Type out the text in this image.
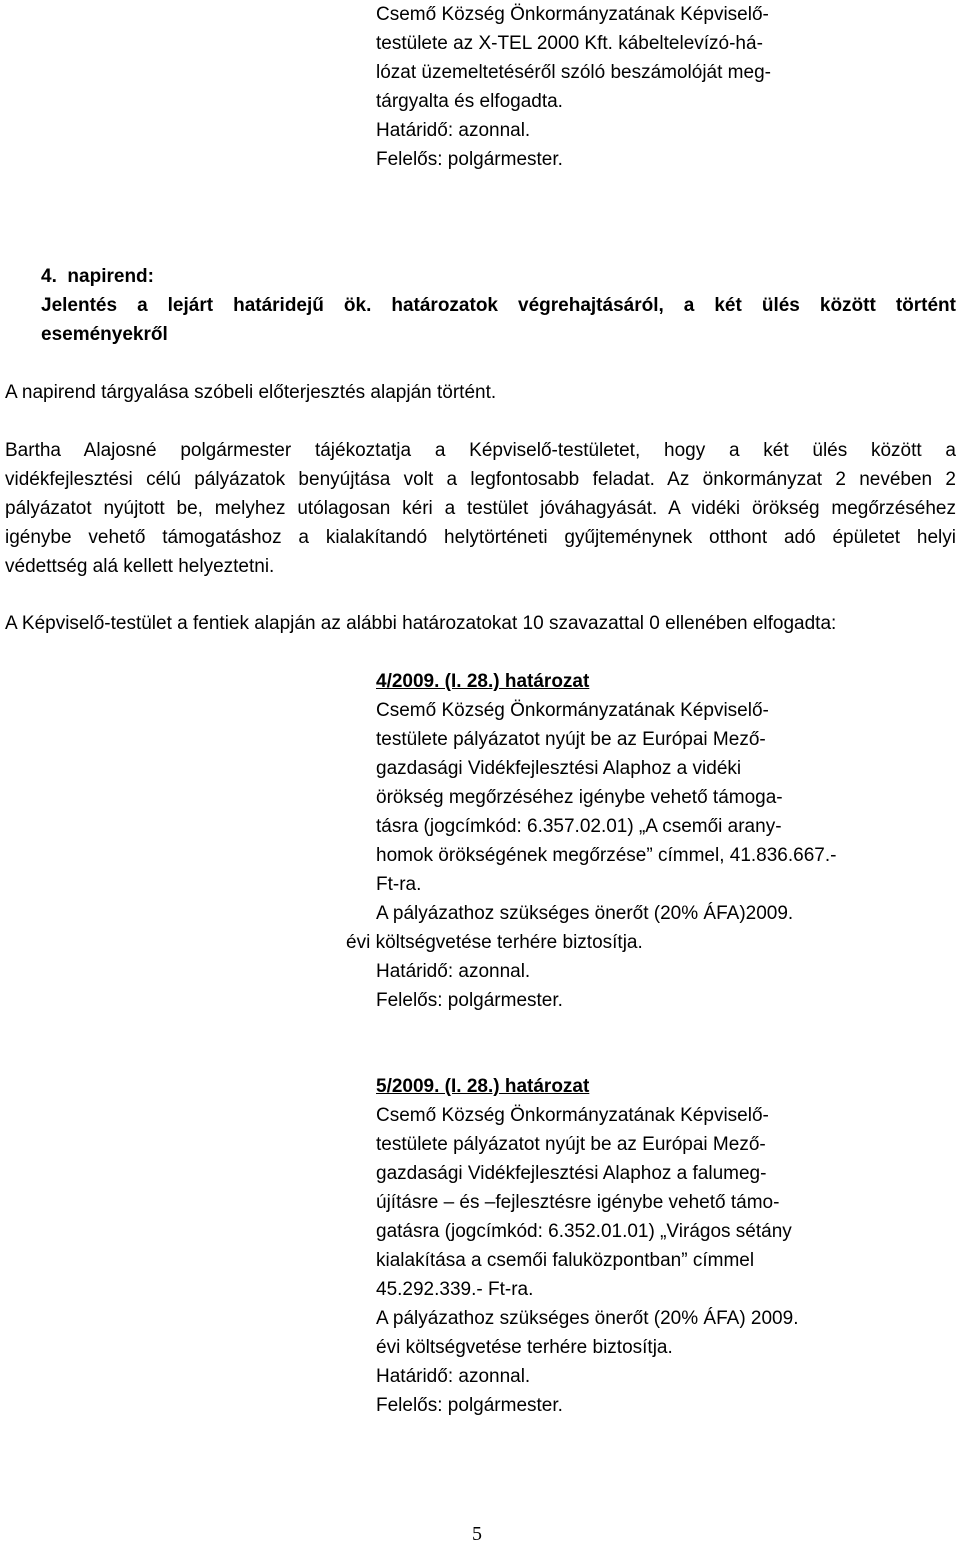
Csemő Község Önkormányzatának Képviselő-
testülete az X-TEL 2000 Kft. kábeltelevízó-há-
lózat üzemeltetéséről szóló beszámolóját meg-
tárgyalta és elfogadta.
Határidő: azonnal.
Felelős: polgármester.
4. napirend:
Jelentés a lejárt határidejű ök. határozatok végrehajtásáról, a két ülés között történt
eseményekről
A napirend tárgyalása szóbeli előterjesztés alapján történt.
Bartha Alajosné polgármester tájékoztatja a Képviselő-testületet, hogy a két ülés között a
vidékfejlesztési célú pályázatok benyújtása volt a legfontosabb feladat. Az önkormányzat 2 nevében 2
pályázatot nyújtott be, melyhez utólagosan kéri a testület jóváhagyását. A vidéki örökség megőrzéséhez
igénybe vehető támogatáshoz a kialakítandó helytörténeti gyűjteménynek otthont adó épületet helyi
védettség alá kellett helyeztetni.
A Képviselő-testület a fentiek alapján az alábbi határozatokat 10 szavazattal 0 ellenében elfogadta:
4/2009. (I. 28.) határozat
Csemő Község Önkormányzatának Képviselő-
testülete pályázatot nyújt be az Európai Mező-
gazdasági Vidékfejlesztési Alaphoz a vidéki
örökség megőrzéséhez igénybe vehető támoga-
tásra (jogcímkód: 6.357.02.01) „A csemői arany-
homok örökségének megőrzése” címmel, 41.836.667.-
Ft-ra.
A pályázathoz szükséges önerőt (20% ÁFA)2009.
évi költségvetése terhére biztosítja.
Határidő: azonnal.
Felelős: polgármester.
5/2009. (I. 28.) határozat
Csemő Község Önkormányzatának Képviselő-
testülete pályázatot nyújt be az Európai Mező-
gazdasági Vidékfejlesztési Alaphoz a falumeg-
újításre – és –fejlesztésre igénybe vehető támo-
gatásra (jogcímkód: 6.352.01.01) „Virágos sétány
kialakítása a csemői faluközpontban” címmel
45.292.339.- Ft-ra.
A pályázathoz szükséges önerőt (20% ÁFA) 2009.
évi költségvetése terhére biztosítja.
Határidő: azonnal.
Felelős: polgármester.
5
